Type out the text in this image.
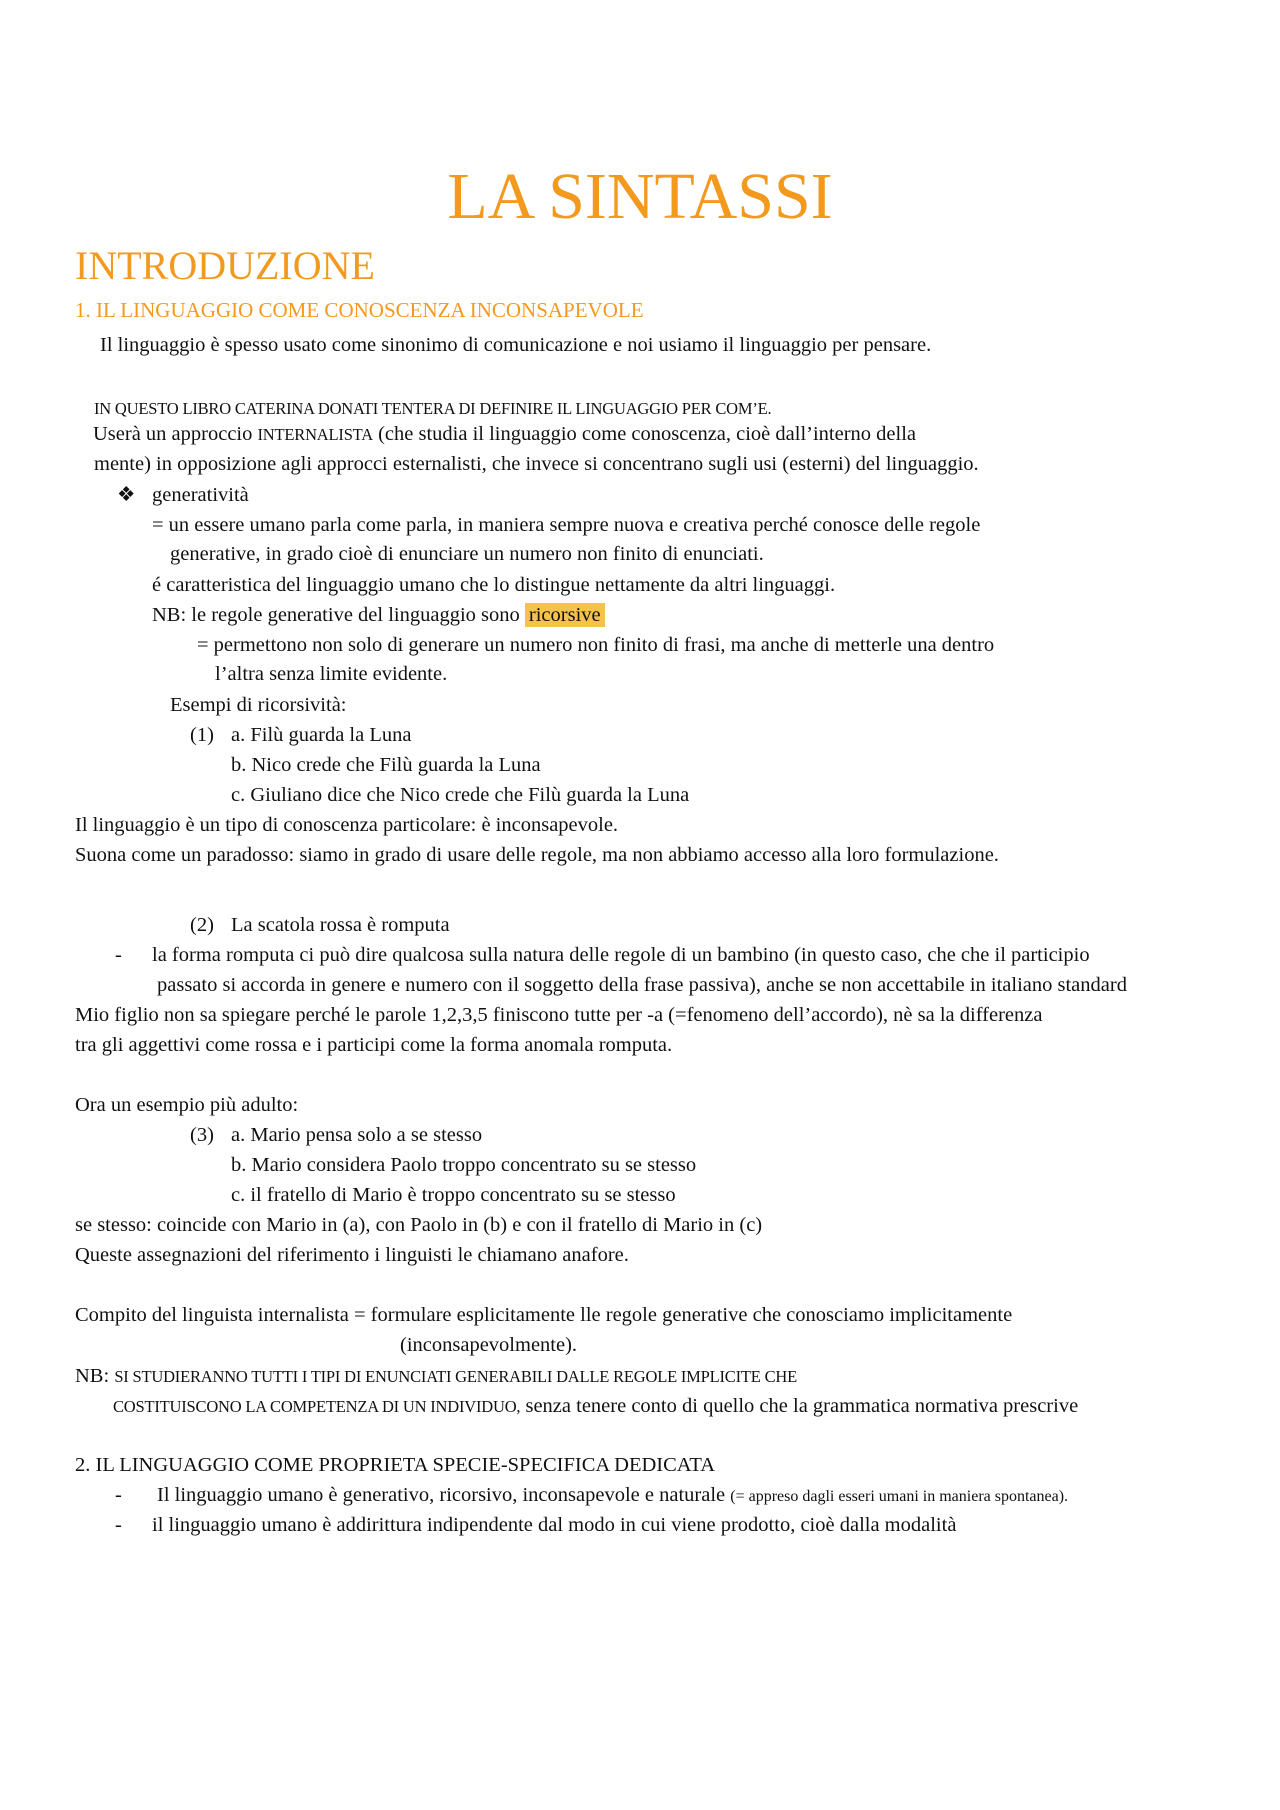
LA SINTASSI
INTRODUZIONE
1. IL LINGUAGGIO COME CONOSCENZA INCONSAPEVOLE
Il linguaggio è spesso usato come sinonimo di comunicazione e noi usiamo il linguaggio per pensare.
IN QUESTO LIBRO CATERINA DONATI TENTERA DI DEFINIRE IL LINGUAGGIO PER COM’E.
Userà un approccio INTERNALISTA (che studia il linguaggio come conoscenza, cioè dall’interno della
mente) in opposizione agli approcci esternalisti, che invece si concentrano sugli usi (esterni) del linguaggio.
❖ generatività
= un essere umano parla come parla, in maniera sempre nuova e creativa perché conosce delle regole
generative, in grado cioè di enunciare un numero non finito di enunciati.
é caratteristica del linguaggio umano che lo distingue nettamente da altri linguaggi.
NB: le regole generative del linguaggio sono ricorsive
= permettono non solo di generare un numero non finito di frasi, ma anche di metterle una dentro
l’altra senza limite evidente.
Esempi di ricorsività:
(1) a. Filù guarda la Luna
b. Nico crede che Filù guarda la Luna
c. Giuliano dice che Nico crede che Filù guarda la Luna
Il linguaggio è un tipo di conoscenza particolare: è inconsapevole.
Suona come un paradosso: siamo in grado di usare delle regole, ma non abbiamo accesso alla loro formulazione.
(2) La scatola rossa è romputa
- la forma romputa ci può dire qualcosa sulla natura delle regole di un bambino (in questo caso, che che il participio
passato si accorda in genere e numero con il soggetto della frase passiva), anche se non accettabile in italiano standard
Mio figlio non sa spiegare perché le parole 1,2,3,5 finiscono tutte per -a (=fenomeno dell’accordo), nè sa la differenza
tra gli aggettivi come rossa e i participi come la forma anomala romputa.
Ora un esempio più adulto:
(3) a. Mario pensa solo a se stesso
b. Mario considera Paolo troppo concentrato su se stesso
c. il fratello di Mario è troppo concentrato su se stesso
se stesso: coincide con Mario in (a), con Paolo in (b) e con il fratello di Mario in (c)
Queste assegnazioni del riferimento i linguisti le chiamano anafore.
Compito del linguista internalista = formulare esplicitamente lle regole generative che conosciamo implicitamente
(inconsapevolmente).
NB: SI STUDIERANNO TUTTI I TIPI DI ENUNCIATI GENERABILI DALLE REGOLE IMPLICITE CHE
COSTITUISCONO LA COMPETENZA DI UN INDIVIDUO, senza tenere conto di quello che la grammatica normativa prescrive
2. IL LINGUAGGIO COME PROPRIETA SPECIE-SPECIFICA DEDICATA
- Il linguaggio umano è generativo, ricorsivo, inconsapevole e naturale (= appreso dagli esseri umani in maniera spontanea).
- il linguaggio umano è addirittura indipendente dal modo in cui viene prodotto, cioè dalla modalità
